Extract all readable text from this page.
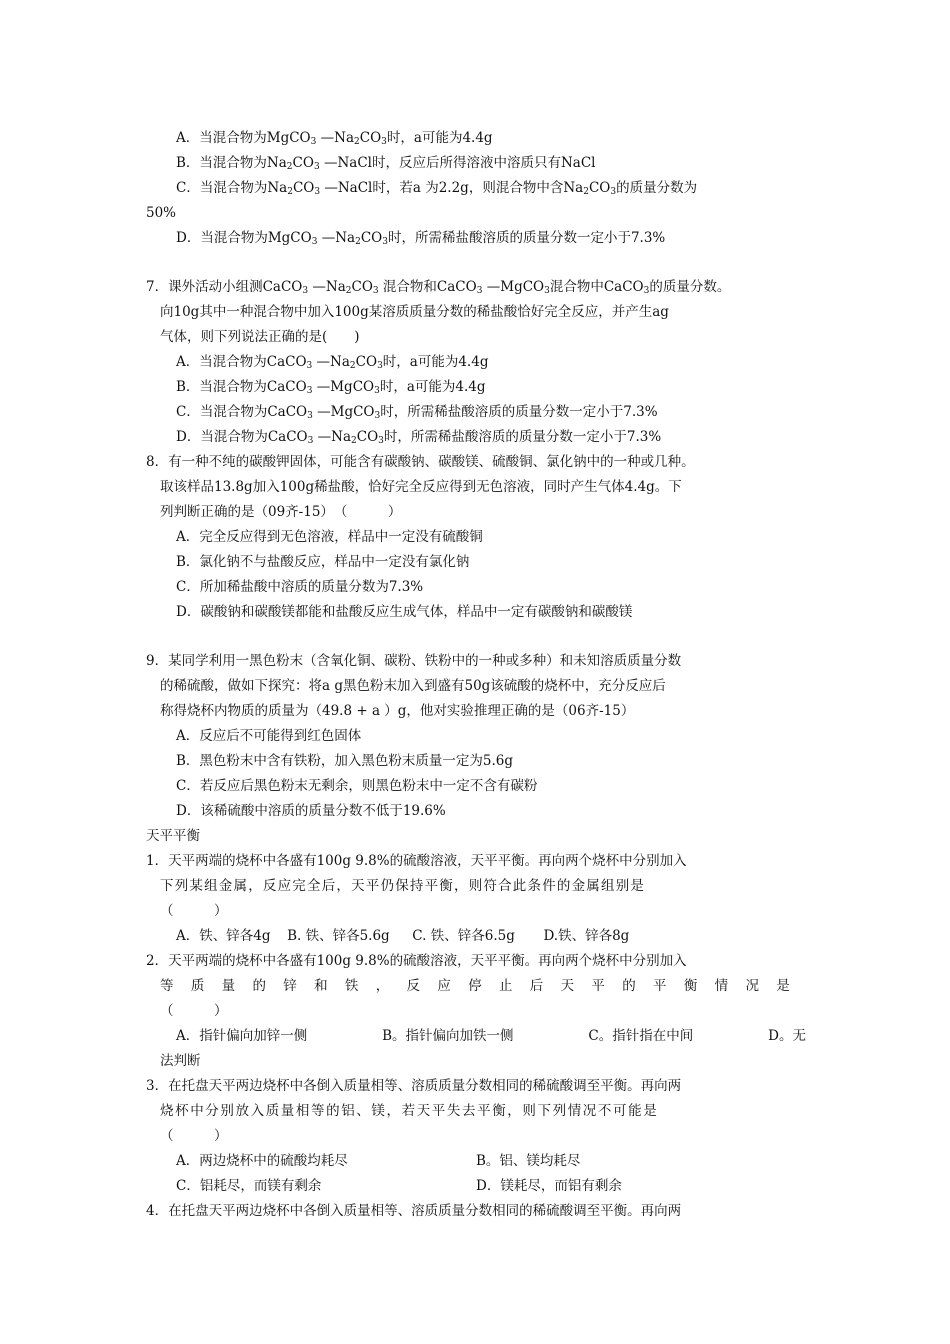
A．当混合物为MgCO$_3$ $—Na_2CO_3$时，a可能为4.4g
B．当混合物为$Na_2CO_3$ —NaCl时，反应后所得溶液中溶质只有NaCl
C．当混合物为$Na_2CO_3$ —NaCl时，若a 为2.2g，则混合物中含$Na_2CO_3$的质量分数为
50%
D．当混合物为MgCO$_3$ $—Na_2CO_3$时，所需稀盐酸溶质的质量分数一定小于7.3%
7．课外活动小组测CaCO$_3$ $—Na_2CO_3$ 混合物和CaCO$_3$ —MgCO$_3$混合物中CaCO$_3$的质量分数。
向10g其中一种混合物中加入100g某溶质质量分数的稀盐酸恰好完全反应，并产生ag
气体，则下列说法正确的是(　　)
A．当混合物为CaCO$_3$ $—Na_2CO_3$时，a可能为4.4g
B．当混合物为CaCO$_3$ —MgCO$_3$时，a可能为4.4g
C．当混合物为CaCO$_3$ —MgCO$_3$时，所需稀盐酸溶质的质量分数一定小于7.3%
D．当混合物为CaCO$_3$ $—Na_2CO_3$时，所需稀盐酸溶质的质量分数一定小于7.3%
8．有一种不纯的碳酸钾固体，可能含有碳酸钠、碳酸镁、硫酸铜、氯化钠中的一种或几种。
取该样品13.8g加入100g稀盐酸，恰好完全反应得到无色溶液，同时产生气体4.4g。下
列判断正确的是（09齐-15）　（　　　）
A．完全反应得到无色溶液，样品中一定没有硫酸铜
B．氯化钠不与盐酸反应，样品中一定没有氯化钠
C．所加稀盐酸中溶质的质量分数为7.3%
D．碳酸钠和碳酸镁都能和盐酸反应生成气体，样品中一定有碳酸钠和碳酸镁
9．某同学利用一黑色粉末（含氧化铜、碳粉、铁粉中的一种或多种）和未知溶质质量分数
的稀硫酸，做如下探究：将a g黑色粉末加入到盛有50g该硫酸的烧杯中，充分反应后
称得烧杯内物质的质量为（49.8 + a ）g，他对实验推理正确的是（06齐-15）
A．反应后不可能得到红色固体
B．黑色粉末中含有铁粉，加入黑色粉末质量一定为5.6g
C．若反应后黑色粉末无剩余，则黑色粉末中一定不含有碳粉
D．该稀硫酸中溶质的质量分数不低于19.6%
天平平衡
1．天平两端的烧杯中各盛有100g 9.8%的硫酸溶液，天平平衡。再向两个烧杯中分别加入
下列某组金属，反应完全后，天平仍保持平衡，则符合此条件的金属组别是
（　　　）
A．铁、锌各4g B. 铁、锌各5.6g C. 铁、锌各6.5g D.铁、锌各8g
2．天平两端的烧杯中各盛有100g 9.8%的硫酸溶液，天平平衡。再向两个烧杯中分别加入
等 质 量 的 锌 和 铁 ， 反 应 停 止 后 天 平 的 平 衡 情 况 是
（　　　）
A．指针偏向加锌一侧	B。指针偏向加铁一侧	C。指针指在中间	D。无
法判断
3．在托盘天平两边烧杯中各倒入质量相等、溶质质量分数相同的稀硫酸调至平衡。再向两
烧杯中分别放入质量相等的铝、镁，若天平失去平衡，则下列情况不可能是
（　　　）
A．两边烧杯中的硫酸均耗尽	B。铝、镁均耗尽
C．铝耗尽，而镁有剩余	D．镁耗尽，而铝有剩余
4．在托盘天平两边烧杯中各倒入质量相等、溶质质量分数相同的稀硫酸调至平衡。再向两
